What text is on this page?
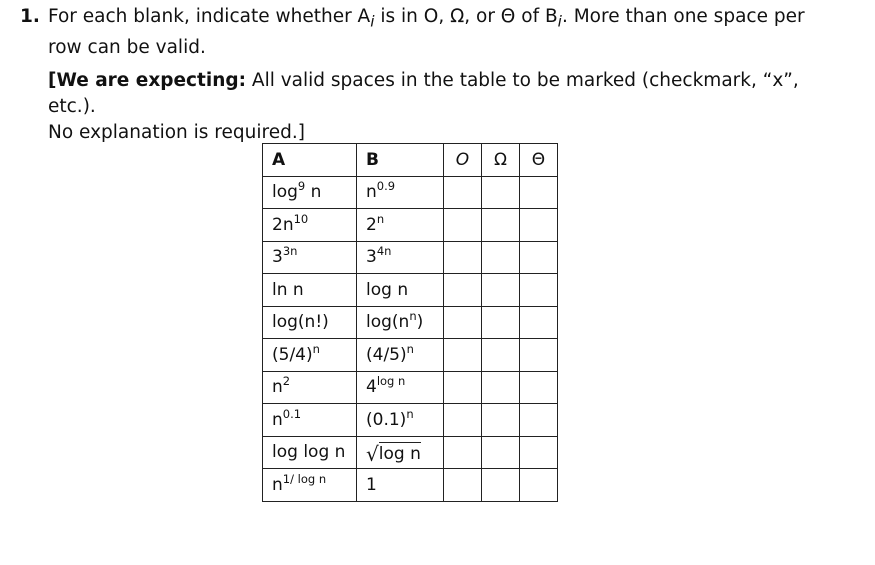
1. For each blank, indicate whether $A_i$ is in O, Ω, or Θ of $B_i$. More than one space per
row can be valid.
[We are expecting: All valid spaces in the table to be marked (checkmark, “x”, etc.).
No explanation is required.]
A	B	O	Ω	Θ
$\log^9 n$	$n^{0.9}$			
$2n^{10}$	2$^n$			
$3^{3n}$	$3^{4n}$			
ln n	log n			
log(n!)	$\log(n^n)$			
$(5/4)^n$	$(4/5)^n$			
$n^2$	$4^{log n}$			
$n^{0.1}$	$(0.1)^n$			
log log n	√log n			
$n^{1/ log n}$	1			
